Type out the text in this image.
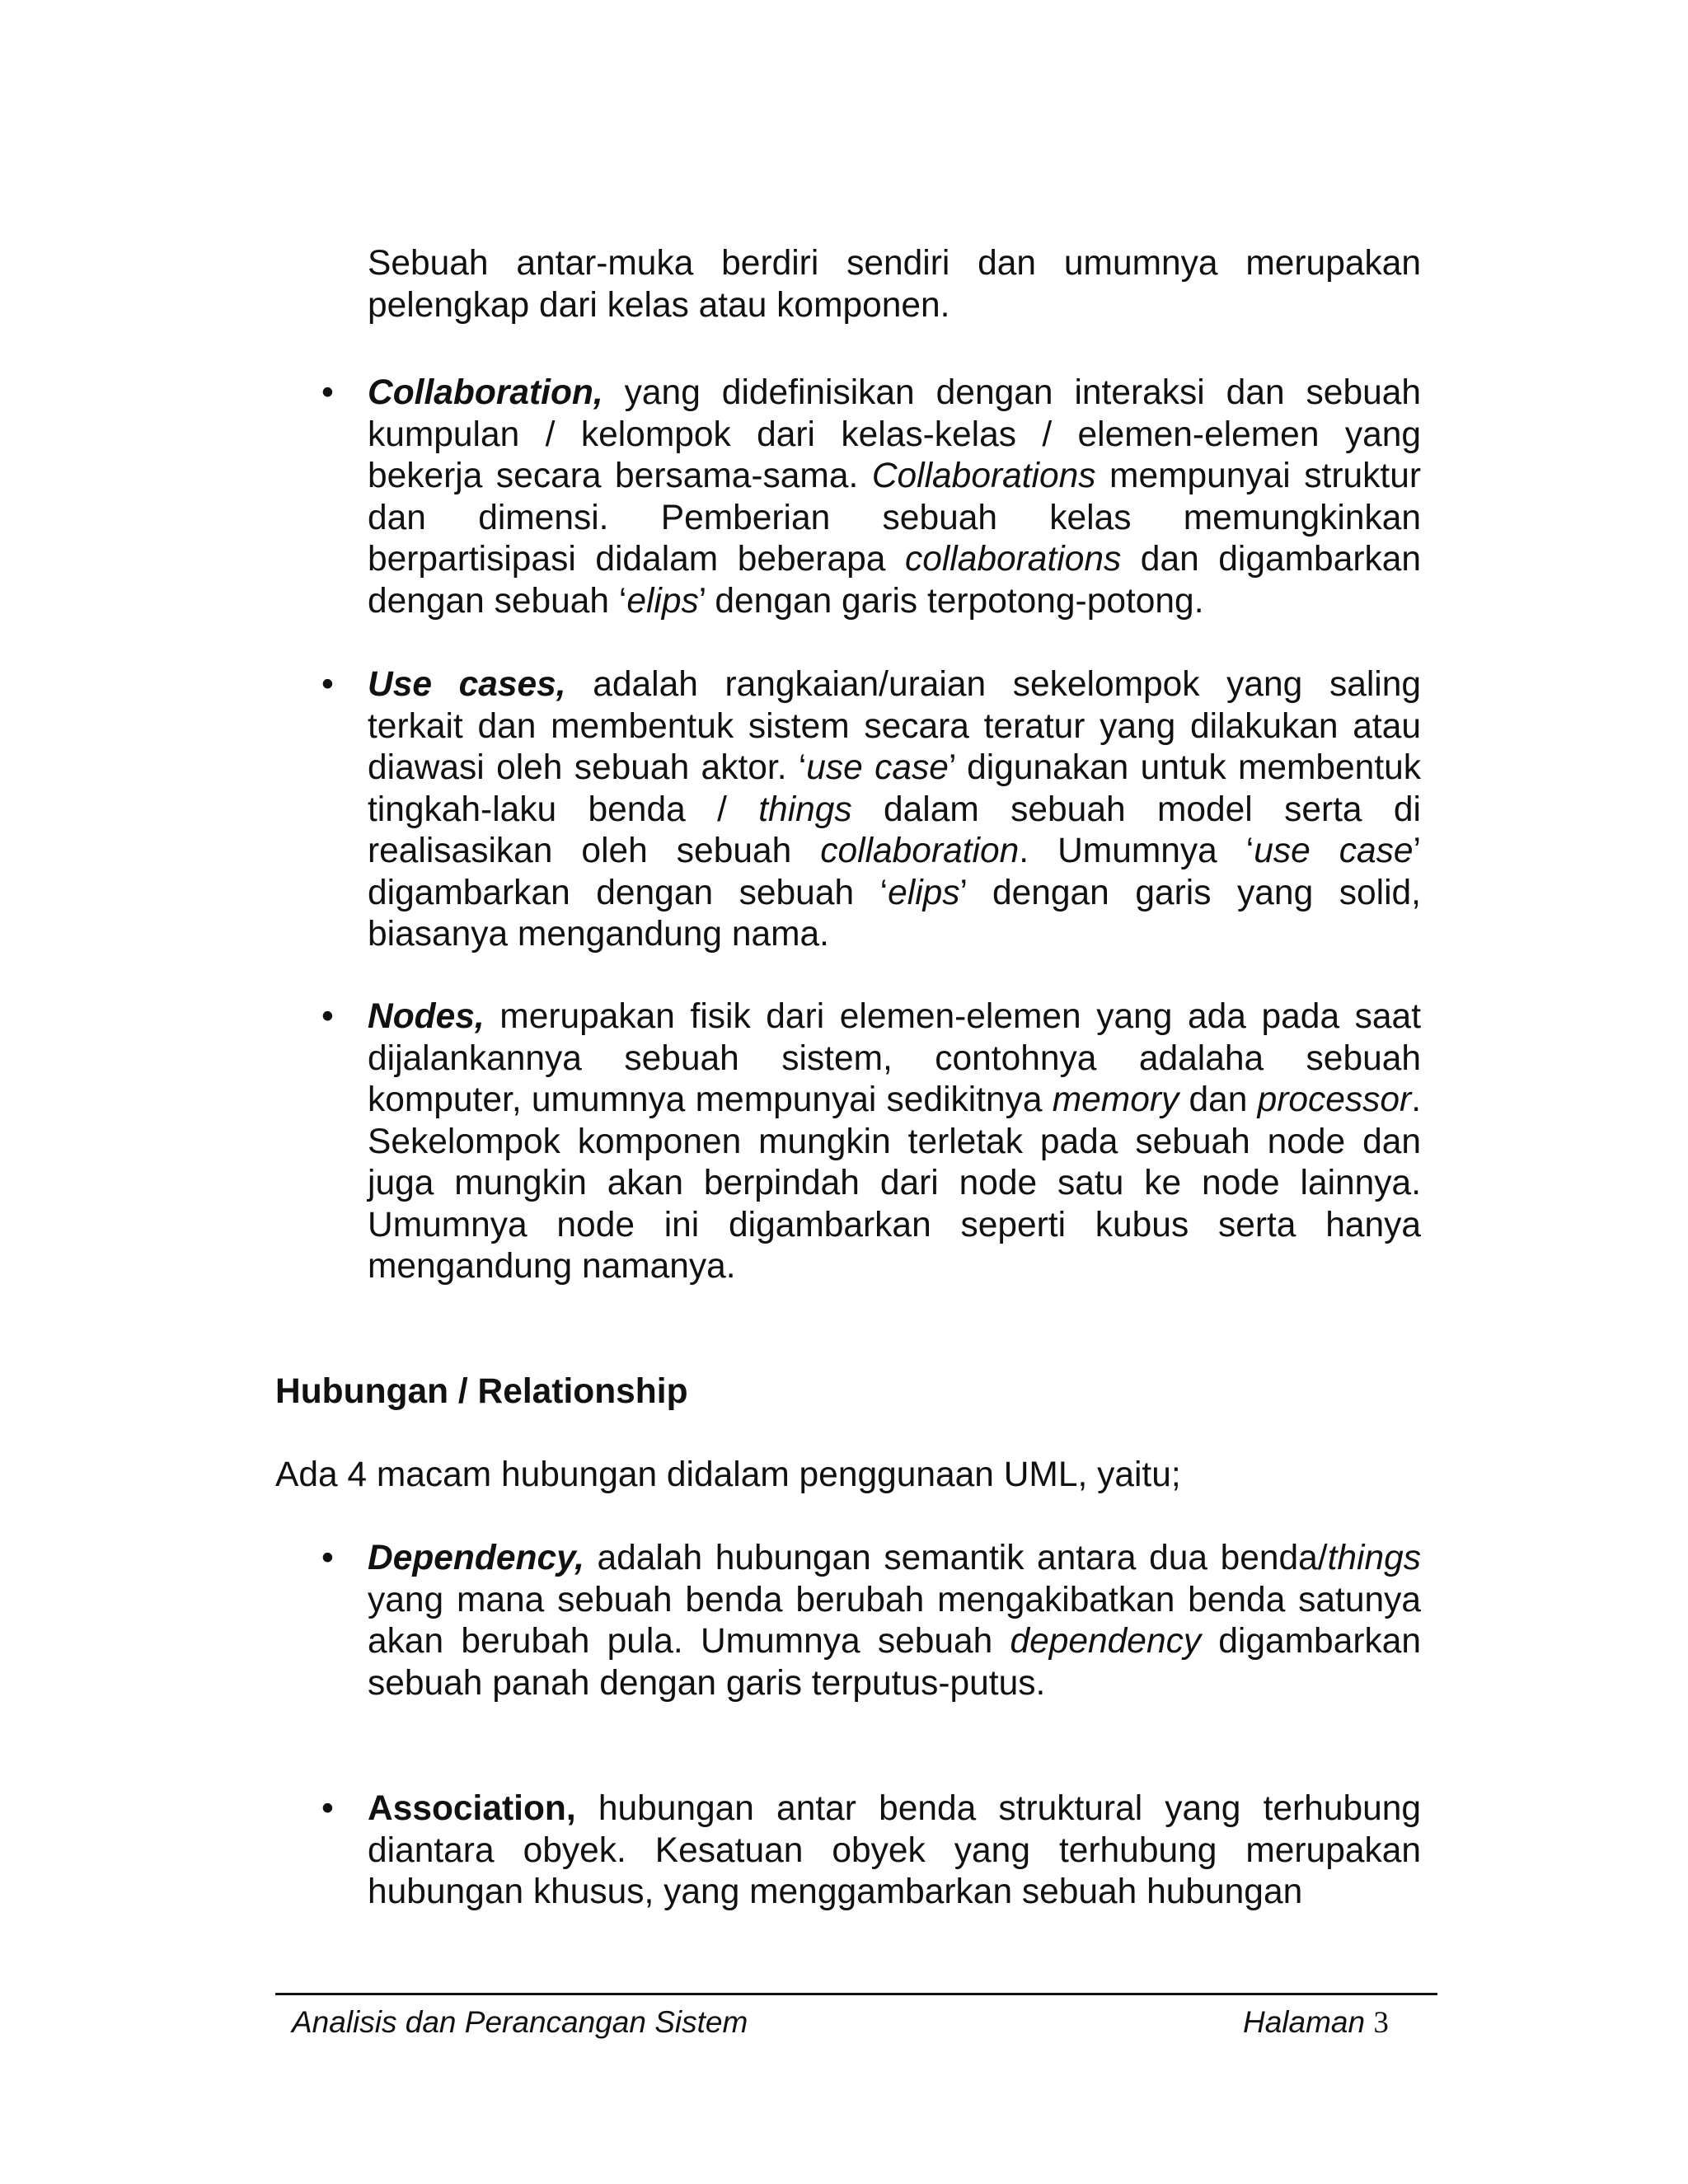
Sebuah antar-muka berdiri sendiri dan umumnya merupakan pelengkap dari kelas atau komponen.

• Collaboration, yang didefinisikan dengan interaksi dan sebuah kumpulan / kelompok dari kelas-kelas / elemen-elemen yang bekerja secara bersama-sama. Collaborations mempunyai struktur dan dimensi. Pemberian sebuah kelas memungkinkan berpartisipasi didalam beberapa collaborations dan digambarkan dengan sebuah ‘elips’ dengan garis terpotong-potong.

• Use cases, adalah rangkaian/uraian sekelompok yang saling terkait dan membentuk sistem secara teratur yang dilakukan atau diawasi oleh sebuah aktor. ‘use case’ digunakan untuk membentuk tingkah-laku benda / things dalam sebuah model serta di realisasikan oleh sebuah collaboration. Umumnya ‘use case’ digambarkan dengan sebuah ‘elips’ dengan garis yang solid, biasanya mengandung nama.

• Nodes, merupakan fisik dari elemen-elemen yang ada pada saat dijalankannya sebuah sistem, contohnya adalaha sebuah komputer, umumnya mempunyai sedikitnya memory dan processor. Sekelompok komponen mungkin terletak pada sebuah node dan juga mungkin akan berpindah dari node satu ke node lainnya. Umumnya node ini digambarkan seperti kubus serta hanya mengandung namanya.

Hubungan / Relationship

Ada 4 macam hubungan didalam penggunaan UML, yaitu;

• Dependency, adalah hubungan semantik antara dua benda/things yang mana sebuah benda berubah mengakibatkan benda satunya akan berubah pula. Umumnya sebuah dependency digambarkan sebuah panah dengan garis terputus-putus.

• Association, hubungan antar benda struktural yang terhubung diantara obyek. Kesatuan obyek yang terhubung merupakan hubungan khusus, yang menggambarkan sebuah hubungan

Analisis dan Perancangan Sistem	Halaman 3
